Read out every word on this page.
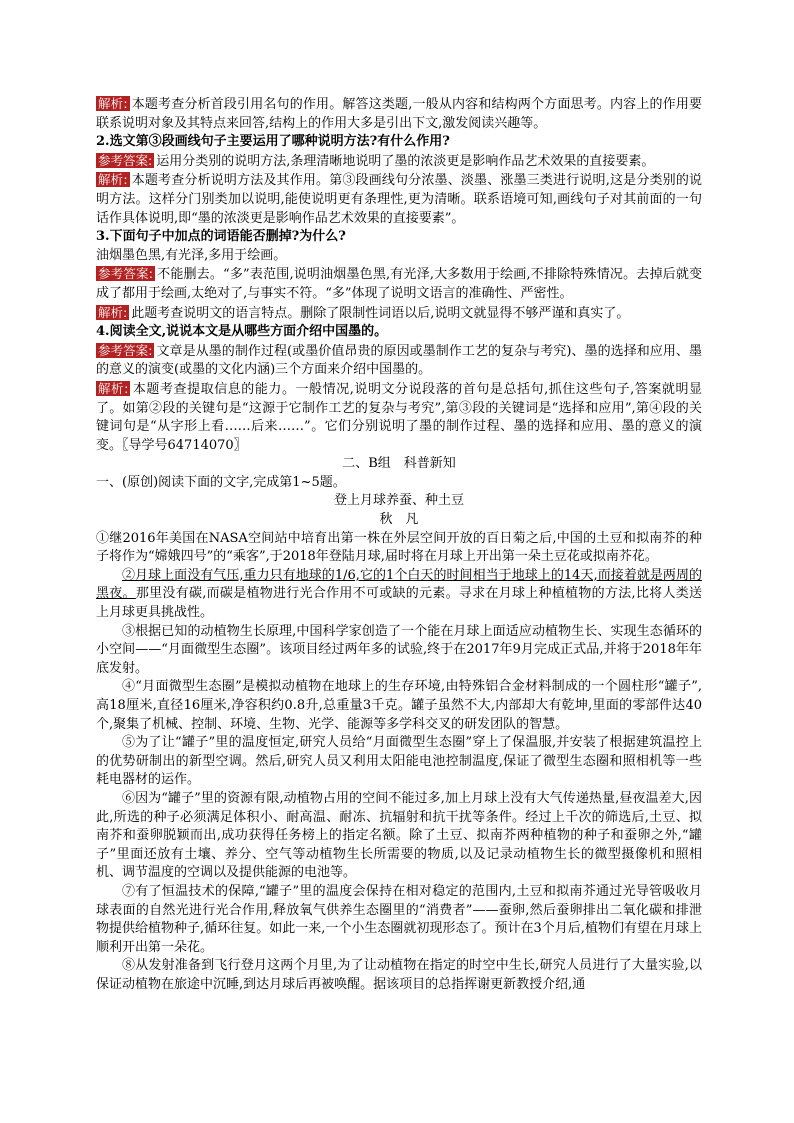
解析: 本题考查分析首段引用名句的作用。解答这类题,一般从内容和结构两个方面思考。内容上的作用要联系说明对象及其特点来回答,结构上的作用大多是引出下文,激发阅读兴趣等。

2.选文第③段画线句子主要运用了哪种说明方法?有什么作用?

参考答案: 运用分类别的说明方法,条理清晰地说明了墨的浓淡更是影响作品艺术效果的直接要素。

解析: 本题考查分析说明方法及其作用。第③段画线句分浓墨、淡墨、涨墨三类进行说明,这是分类别的说明方法。这样分门别类加以说明,能使说明更有条理性,更为清晰。联系语境可知,画线句子对其前面的一句话作具体说明,即“墨的浓淡更是影响作品艺术效果的直接要素”。

3.下面句子中加点的词语能否删掉?为什么?

油烟墨色黑,有光泽,多用于绘画。

参考答案: 不能删去。“多”表范围,说明油烟墨色黑,有光泽,大多数用于绘画,不排除特殊情况。去掉后就变成了都用于绘画,太绝对了,与事实不符。“多”体现了说明文语言的准确性、严密性。

解析: 此题考查说明文的语言特点。删除了限制性词语以后,说明文就显得不够严谨和真实了。

4.阅读全文,说说本文是从哪些方面介绍中国墨的。

参考答案: 文章是从墨的制作过程(或墨价值昂贵的原因或墨制作工艺的复杂与考究)、墨的选择和应用、墨的意义的演变(或墨的文化内涵)三个方面来介绍中国墨的。

解析: 本题考查提取信息的能力。一般情况,说明文分说段落的首句是总括句,抓住这些句子,答案就明显了。如第②段的关键句是“这源于它制作工艺的复杂与考究”,第③段的关键词是“选择和应用”,第④段的关键词句是“从字形上看……后来……”。它们分别说明了墨的制作过程、墨的选择和应用、墨的意义的演变。〖导学号64714070〗

二、B组　科普新知

一、(原创)阅读下面的文字,完成第1~5题。

登上月球养蚕、种土豆

秋　凡

①继2016年美国在NASA空间站中培育出第一株在外层空间开放的百日菊之后,中国的土豆和拟南芥的种子将作为“嫦娥四号”的“乘客”,于2018年登陆月球,届时将在月球上开出第一朵土豆花或拟南芥花。

②月球上面没有气压,重力只有地球的1/6,它的1个白天的时间相当于地球上的14天,而接着就是两周的黑夜。那里没有碳,而碳是植物进行光合作用不可或缺的元素。寻求在月球上种植植物的方法,比将人类送上月球更具挑战性。

③根据已知的动植物生长原理,中国科学家创造了一个能在月球上面适应动植物生长、实现生态循环的小空间——“月面微型生态圈”。该项目经过两年多的试验,终于在2017年9月完成正式品,并将于2018年年底发射。

④“月面微型生态圈”是模拟动植物在地球上的生存环境,由特殊铝合金材料制成的一个圆柱形“罐子”,高18厘米,直径16厘米,净容积约0.8升,总重量3千克。罐子虽然不大,内部却大有乾坤,里面的零部件达40个,聚集了机械、控制、环境、生物、光学、能源等多学科交叉的研发团队的智慧。

⑤为了让“罐子”里的温度恒定,研究人员给“月面微型生态圈”穿上了保温服,并安装了根据建筑温控上的优势研制出的新型空调。然后,研究人员又利用太阳能电池控制温度,保证了微型生态圈和照相机等一些耗电器材的运作。

⑥因为“罐子”里的资源有限,动植物占用的空间不能过多,加上月球上没有大气传递热量,昼夜温差大,因此,所选的种子必须满足体积小、耐高温、耐冻、抗辐射和抗干扰等条件。经过上千次的筛选后,土豆、拟南芥和蚕卵脱颖而出,成功获得任务榜上的指定名额。除了土豆、拟南芥两种植物的种子和蚕卵之外,“罐子”里面还放有土壤、养分、空气等动植物生长所需要的物质,以及记录动植物生长的微型摄像机和照相机、调节温度的空调以及提供能源的电池等。

⑦有了恒温技术的保障,“罐子”里的温度会保持在相对稳定的范围内,土豆和拟南芥通过光导管吸收月球表面的自然光进行光合作用,释放氧气供养生态圈里的“消费者”——蚕卵,然后蚕卵排出二氧化碳和排泄物提供给植物种子,循环往复。如此一来,一个小生态圈就初现形态了。预计在3个月后,植物们有望在月球上顺利开出第一朵花。

⑧从发射准备到飞行登月这两个月里,为了让动植物在指定的时空中生长,研究人员进行了大量实验,以保证动植物在旅途中沉睡,到达月球后再被唤醒。据该项目的总指挥谢更新教授介绍,通
